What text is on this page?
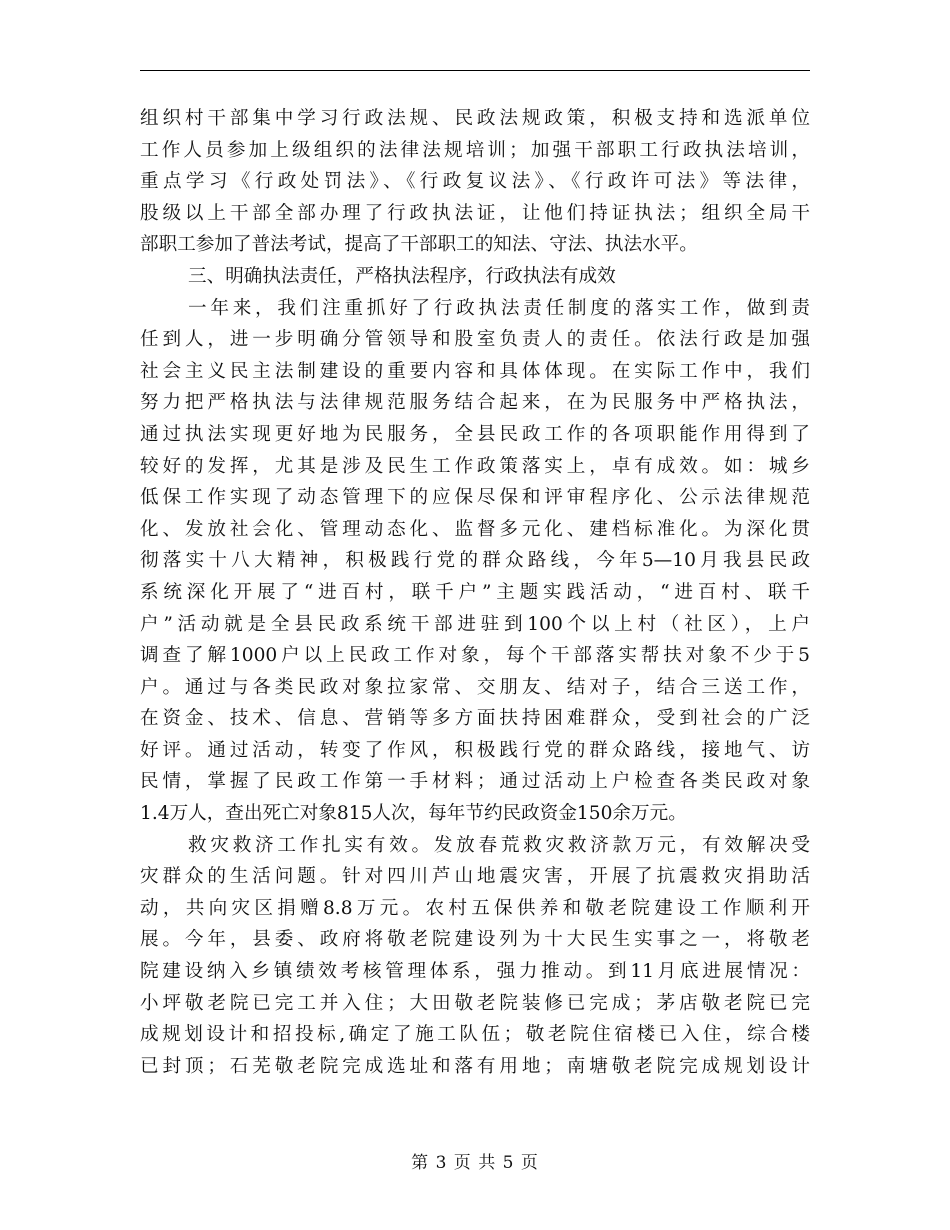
组织村干部集中学习行政法规、民政法规政策，积极支持和选派单位
工作人员参加上级组织的法律法规培训；加强干部职工行政执法培训，
重点学习《行政处罚法》、《行政复议法》、《行政许可法》等法律，
股级以上干部全部办理了行政执法证，让他们持证执法；组织全局干
部职工参加了普法考试，提高了干部职工的知法、守法、执法水平。
三、明确执法责任，严格执法程序，行政执法有成效
一年来，我们注重抓好了行政执法责任制度的落实工作，做到责
任到人，进一步明确分管领导和股室负责人的责任。依法行政是加强
社会主义民主法制建设的重要内容和具体体现。在实际工作中，我们
努力把严格执法与法律规范服务结合起来，在为民服务中严格执法，
通过执法实现更好地为民服务，全县民政工作的各项职能作用得到了
较好的发挥，尤其是涉及民生工作政策落实上，卓有成效。如：城乡
低保工作实现了动态管理下的应保尽保和评审程序化、公示法律规范
化、发放社会化、管理动态化、监督多元化、建档标准化。为深化贯
彻落实十八大精神，积极践行党的群众路线，今年5—10月我县民政
系统深化开展了“进百村，联千户”主题实践活动，“进百村、联千
户”活动就是全县民政系统干部进驻到100个以上村（社区），上户
调查了解1000户以上民政工作对象，每个干部落实帮扶对象不少于5
户。通过与各类民政对象拉家常、交朋友、结对子，结合三送工作，
在资金、技术、信息、营销等多方面扶持困难群众，受到社会的广泛
好评。通过活动，转变了作风，积极践行党的群众路线，接地气、访
民情，掌握了民政工作第一手材料；通过活动上户检查各类民政对象
1.4万人，查出死亡对象815人次，每年节约民政资金150余万元。
救灾救济工作扎实有效。发放春荒救灾救济款万元，有效解决受
灾群众的生活问题。针对四川芦山地震灾害，开展了抗震救灾捐助活
动，共向灾区捐赠8.8万元。农村五保供养和敬老院建设工作顺利开
展。今年，县委、政府将敬老院建设列为十大民生实事之一，将敬老
院建设纳入乡镇绩效考核管理体系，强力推动。到11月底进展情况：
小坪敬老院已完工并入住；大田敬老院装修已完成；茅店敬老院已完
成规划设计和招投标,确定了施工队伍；敬老院住宿楼已入住，综合楼
已封顶；石芜敬老院完成选址和落有用地；南塘敬老院完成规划设计
第 3 页 共 5 页
